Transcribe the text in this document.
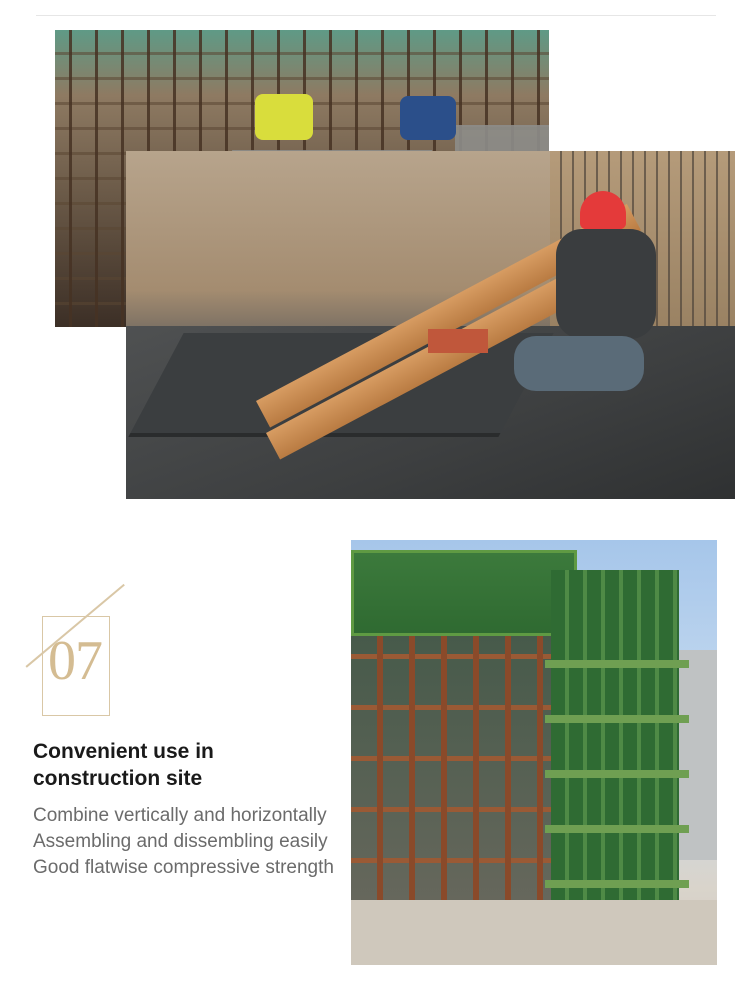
07
Convenient use in construction site
Combine vertically and horizontally
Assembling and dissembling easily
Good flatwise compressive strength
